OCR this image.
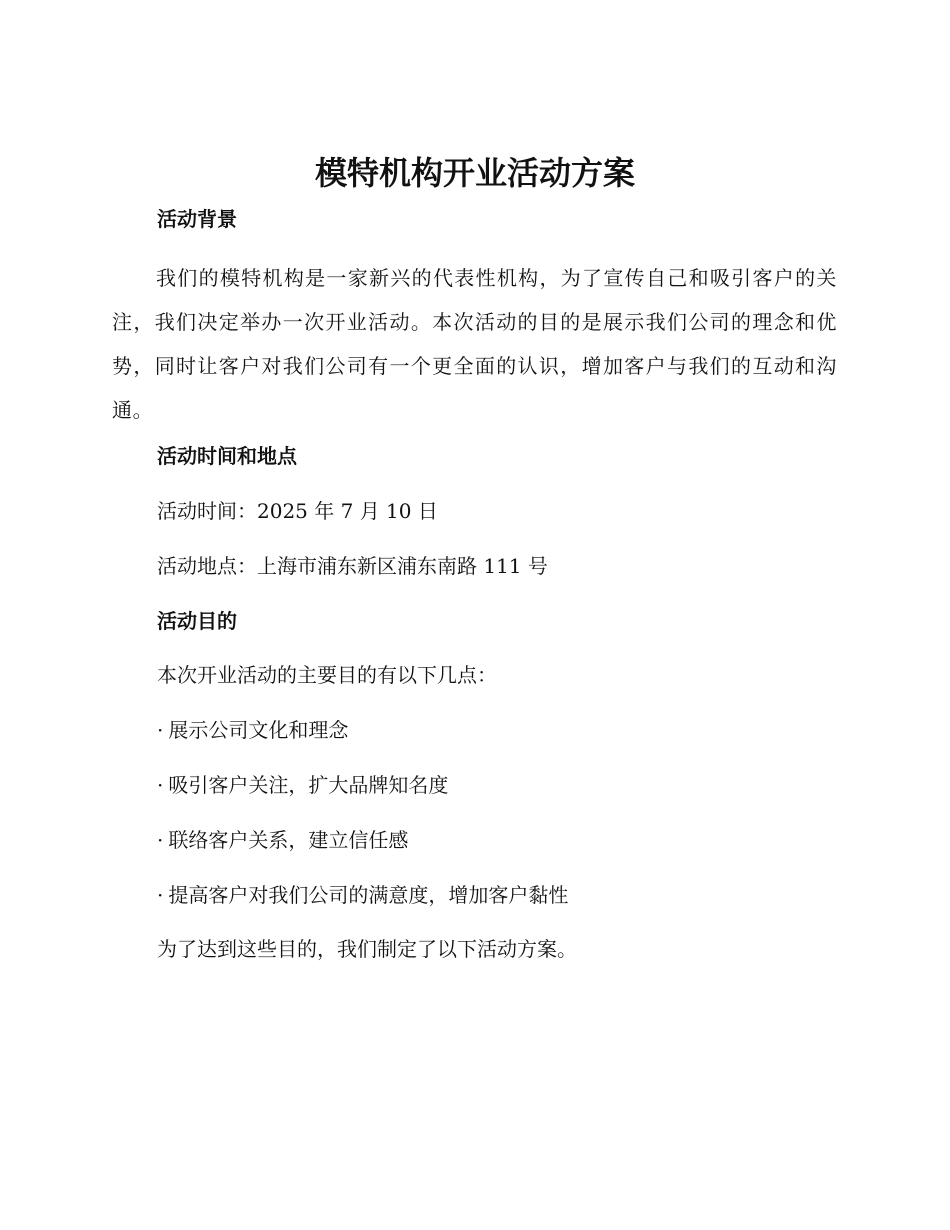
模特机构开业活动方案
活动背景

我们的模特机构是一家新兴的代表性机构，为了宣传自己和吸引客户的关注，我们决定举办一次开业活动。本次活动的目的是展示我们公司的理念和优势，同时让客户对我们公司有一个更全面的认识，增加客户与我们的互动和沟通。

活动时间和地点

活动时间：2025 年 7 月 10 日

活动地点：上海市浦东新区浦东南路 111 号

活动目的

本次开业活动的主要目的有以下几点：

· 展示公司文化和理念

· 吸引客户关注，扩大品牌知名度

· 联络客户关系，建立信任感

· 提高客户对我们公司的满意度，增加客户黏性

为了达到这些目的，我们制定了以下活动方案。
